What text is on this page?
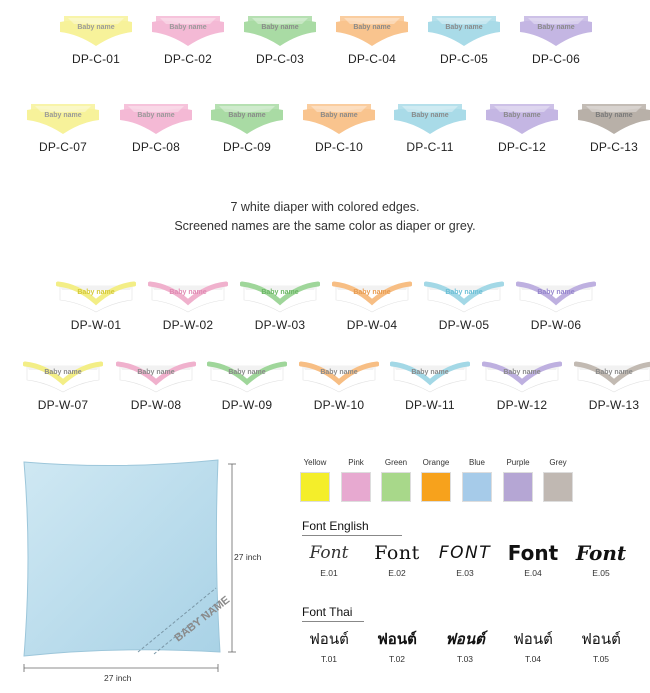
Baby name
DP-C-01
Baby name
DP-C-02
Baby name
DP-C-03
Baby name
DP-C-04
Baby name
DP-C-05
Baby name
DP-C-06
Baby name
DP-C-07
Baby name
DP-C-08
Baby name
DP-C-09
Baby name
DP-C-10
Baby name
DP-C-11
Baby name
DP-C-12
Baby name
DP-C-13
7 white diaper with colored edges.
Screened names are the same color as diaper or grey.
Baby name
DP-W-01
Baby name
DP-W-02
Baby name
DP-W-03
Baby name
DP-W-04
Baby name
DP-W-05
Baby name
DP-W-06
Baby name
DP-W-07
Baby name
DP-W-08
Baby name
DP-W-09
Baby name
DP-W-10
Baby name
DP-W-11
Baby name
DP-W-12
Baby name
DP-W-13
BABY NAME
27 inch
27 inch
Yellow	Pink	Green	Orange	Blue	Purple	Grey
Font English
Font
E.01
Font
E.02
FONT
E.03
Font
E.04
Font
E.05
Font Thai
ฟอนต์
T.01
ฟอนต์
T.02
ฟอนต์
T.03
ฟอนต์
T.04
ฟอนต์
T.05
